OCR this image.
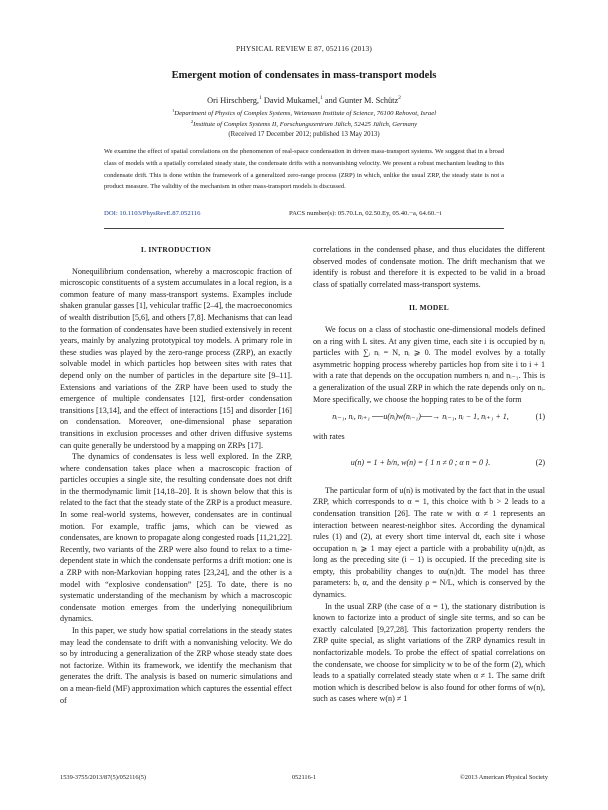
PHYSICAL REVIEW E 87, 052116 (2013)
Emergent motion of condensates in mass-transport models
Ori Hirschberg,$^1$ David Mukamel,$^1$ and Gunter M. Schütz$^2$
$^1$Department of Physics of Complex Systems, Weizmann Institute of Science, 76100 Rehovot, Israel
$^2$Institute of Complex Systems II, Forschungszentrum Jülich, 52425 Jülich, Germany
(Received 17 December 2012; published 13 May 2013)
We examine the effect of spatial correlations on the phenomenon of real-space condensation in driven mass-transport systems. We suggest that in a broad class of models with a spatially correlated steady state, the condensate drifts with a nonvanishing velocity. We present a robust mechanism leading to this condensate drift. This is done within the framework of a generalized zero-range process (ZRP) in which, unlike the usual ZRP, the steady state is not a product measure. The validity of the mechanism in other mass-transport models is discussed.
DOI: 10.1103/PhysRevE.87.052116	PACS number(s): 05.70.Ln, 02.50.Ey, 05.40.−a, 64.60.−i
I. INTRODUCTION

Nonequilibrium condensation, whereby a macroscopic fraction of microscopic constituents of a system accumulates in a local region, is a common feature of many mass-transport systems. Examples include shaken granular gasses [1], vehicular traffic [2–4], the macroeconomics of wealth distribution [5,6], and others [7,8]. Mechanisms that can lead to the formation of condensates have been studied extensively in recent years, mainly by analyzing prototypical toy models. A primary role in these studies was played by the zero-range process (ZRP), an exactly solvable model in which particles hop between sites with rates that depend only on the number of particles in the departure site [9–11]. Extensions and variations of the ZRP have been used to study the emergence of multiple condensates [12], first-order condensation transitions [13,14], and the effect of interactions [15] and disorder [16] on condensation. Moreover, one-dimensional phase separation transitions in exclusion processes and other driven diffusive systems can quite generally be understood by a mapping on ZRPs [17].

The dynamics of condensates is less well explored. In the ZRP, where condensation takes place when a macroscopic fraction of particles occupies a single site, the resulting condensate does not drift in the thermodynamic limit [14,18–20]. It is shown below that this is related to the fact that the steady state of the ZRP is a product measure. In some real-world systems, however, condensates are in continual motion. For example, traffic jams, which can be viewed as condensates, are known to propagate along congested roads [11,21,22]. Recently, two variants of the ZRP were also found to relax to a time-dependent state in which the condensate performs a drift motion: one is a ZRP with non-Markovian hopping rates [23,24], and the other is a model with “explosive condensation” [25]. To date, there is no systematic understanding of the mechanism by which a macroscopic condensate motion emerges from the underlying nonequilibrium dynamics.

In this paper, we study how spatial correlations in the steady states may lead the condensate to drift with a nonvanishing velocity. We do so by introducing a generalization of the ZRP whose steady state does not factorize. Within its framework, we identify the mechanism that generates the drift. The analysis is based on numeric simulations and on a mean-field (MF) approximation which captures the essential effect of

correlations in the condensed phase, and thus elucidates the different observed modes of condensate motion. The drift mechanism that we identify is robust and therefore it is expected to be valid in a broad class of spatially correlated mass-transport systems.

II. MODEL

We focus on a class of stochastic one-dimensional models defined on a ring with L sites. At any given time, each site i is occupied by nᵢ particles with ∑ᵢ nᵢ = N, nᵢ ⩾ 0. The model evolves by a totally asymmetric hopping process whereby particles hop from site i to i + 1 with a rate that depends on the occupation numbers nᵢ and nᵢ₋₁. This is a generalization of the usual ZRP in which the rate depends only on nᵢ. More specifically, we choose the hopping rates to be of the form

nᵢ₋₁, nᵢ, nᵢ₊₁ ──u(nᵢ)w(nᵢ₋₁)──→ nᵢ₋₁, nᵢ − 1, nᵢ₊₁ + 1,	(1)

with rates

u(n) = 1 + b/n, w(n) = { 1 n ≠ 0 ; α n = 0 }.	(2)

The particular form of u(n) is motivated by the fact that in the usual ZRP, which corresponds to α = 1, this choice with b > 2 leads to a condensation transition [26]. The rate w with α ≠ 1 represents an interaction between nearest-neighbor sites. According the dynamical rules (1) and (2), at every short time interval dt, each site i whose occupation nᵢ ⩾ 1 may eject a particle with a probability u(nᵢ)dt, as long as the preceding site (i − 1) is occupied. If the preceding site is empty, this probability changes to αu(nᵢ)dt. The model has three parameters: b, α, and the density ρ = N/L, which is conserved by the dynamics.

In the usual ZRP (the case of α = 1), the stationary distribution is known to factorize into a product of single site terms, and so can be exactly calculated [9,27,28]. This factorization property renders the ZRP quite special, as slight variations of the ZRP dynamics result in nonfactorizable models. To probe the effect of spatial correlations on the condensate, we choose for simplicity w to be of the form (2), which leads to a spatially correlated steady state when α ≠ 1. The same drift motion which is described below is also found for other forms of w(n), such as cases where w(n) ≠ 1

1539-3755/2013/87(5)/052116(5)	052116-1	©2013 American Physical Society
